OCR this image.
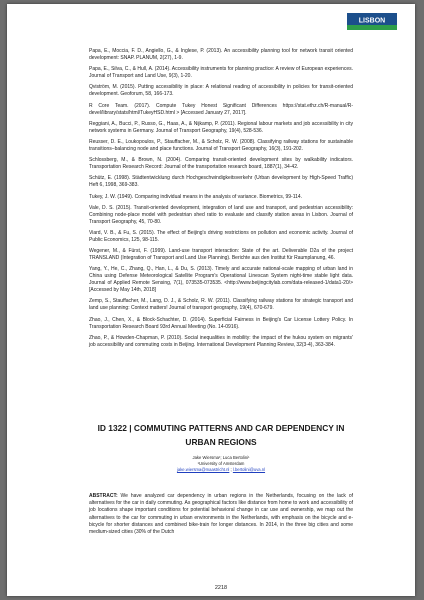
LISBON

Papa, E., Moccia, F. D., Angiello, G., & Inglese, P. (2013). An accessibility planning tool for network transit oriented development: SNAP. PLANUM, 2(27), 1-9.

Papa, E., Silva, C., & Hull, A. (2014). Accessibility instruments for planning practice: A review of European experiences. Journal of Transport and Land Use, 9(3), 1-20.

Qviström, M. (2015). Putting accessibility in place: A relational reading of accessibility in policies for transit-oriented development. Geoforum, 58, 166-173.

R Core Team. (2017). Compute Tukey Honest Significant Differences https://stat.ethz.ch/R-manual/R-devel/library/stats/html/TukeyHSD.html > [Accessed January 27, 2017].

Reggiani, A., Bucci, P., Russo, G., Haas, A., & Nijkamp, P. (2011). Regional labour markets and job accessibility in city network systems in Germany. Journal of Transport Geography, 19(4), 528-536.

Reusser, D. E., Loukopoulos, P., Stauffacher, M., & Scholz, R. W. (2008). Classifying railway stations for sustainable transitions–balancing node and place functions. Journal of Transport Geography, 16(3), 191-202.

Schlossberg, M., & Brown, N. (2004). Comparing transit-oriented development sites by walkability indicators. Transportation Research Record: Journal of the transportation research board, 1887(1), 34-42.

Schütz, E. (1998). Städtentwicklung durch Hochgeschwindigkeitsverkehr (Urban development by High-Speed Traffic) Heft 6, 1998, 369-383.

Tukey, J. W. (1949). Comparing individual means in the analysis of variance. Biometrics, 99-114.

Vale, D. S. (2015). Transit-oriented development, integration of land use and transport, and pedestrian accessibility: Combining node-place model with pedestrian shed ratio to evaluate and classify station areas in Lisbon. Journal of Transport Geography, 45, 70-80.

Viard, V. B., & Fu, S. (2015). The effect of Beijing's driving restrictions on pollution and economic activity. Journal of Public Economics, 125, 98-115.

Wegener, M., & Fürst, F. (1999). Land-use transport interaction: State of the art. Deliverable D2a of the project TRANSLAND (Integration of Transport and Land Use Planning). Berichte aus den Institut für Raumplanung, 46.

Yang, Y., He, C., Zhang, Q., Han, L., & Du, S. (2013). Timely and accurate national-scale mapping of urban land in China using Defense Meteorological Satellite Program's Operational Linescan System night-time stable light data. Journal of Applied Remote Sensing, 7(1), 073535-073535. <http://www.beijingcitylab.com/data-released-1/data1-20/> [Accessed by May 14th, 2018]

Zemp, S., Stauffacher, M., Lang, D. J., & Scholz, R. W. (2011). Classifying railway stations for strategic transport and land use planning: Context matters! Journal of transport geography, 19(4), 670-679.

Zhao, J., Chen, X., & Block-Schachter, D. (2014). Superficial Fairness in Beijing's Car License Lottery Policy. In Transportation Research Board 93rd Annual Meeting (No. 14-0916).

Zhao, P., & Howden-Chapman, P. (2010). Social inequalities in mobility: the impact of the hukou system on migrants' job accessibility and commuting costs in Beijing. International Development Planning Review, 32(3-4), 363-384.

ID 1322 | COMMUTING PATTERNS AND CAR DEPENDENCY IN URBAN REGIONS
Jake Wiersma¹; Luca Bertolini¹
¹University of Amsterdam
jake.wiersma@maastricht.nl ; l.bertolini@uva.nl
ABSTRACT: We have analyzed car dependency in urban regions in the Netherlands, focusing on the lack of alternatives for the car in daily commuting. As geographical factors like distance from home to work and accessibility of job locations shape important conditions for potential behavioral change in car use and ownership, we map out the alternatives to the car for commuting in urban environments in the Netherlands, with emphasis on the bicycle and e-bicycle for shorter distances and combined bike-train for longer distances. In 2014, in the three big cities and some medium-sized cities (30% of the Dutch
2218
